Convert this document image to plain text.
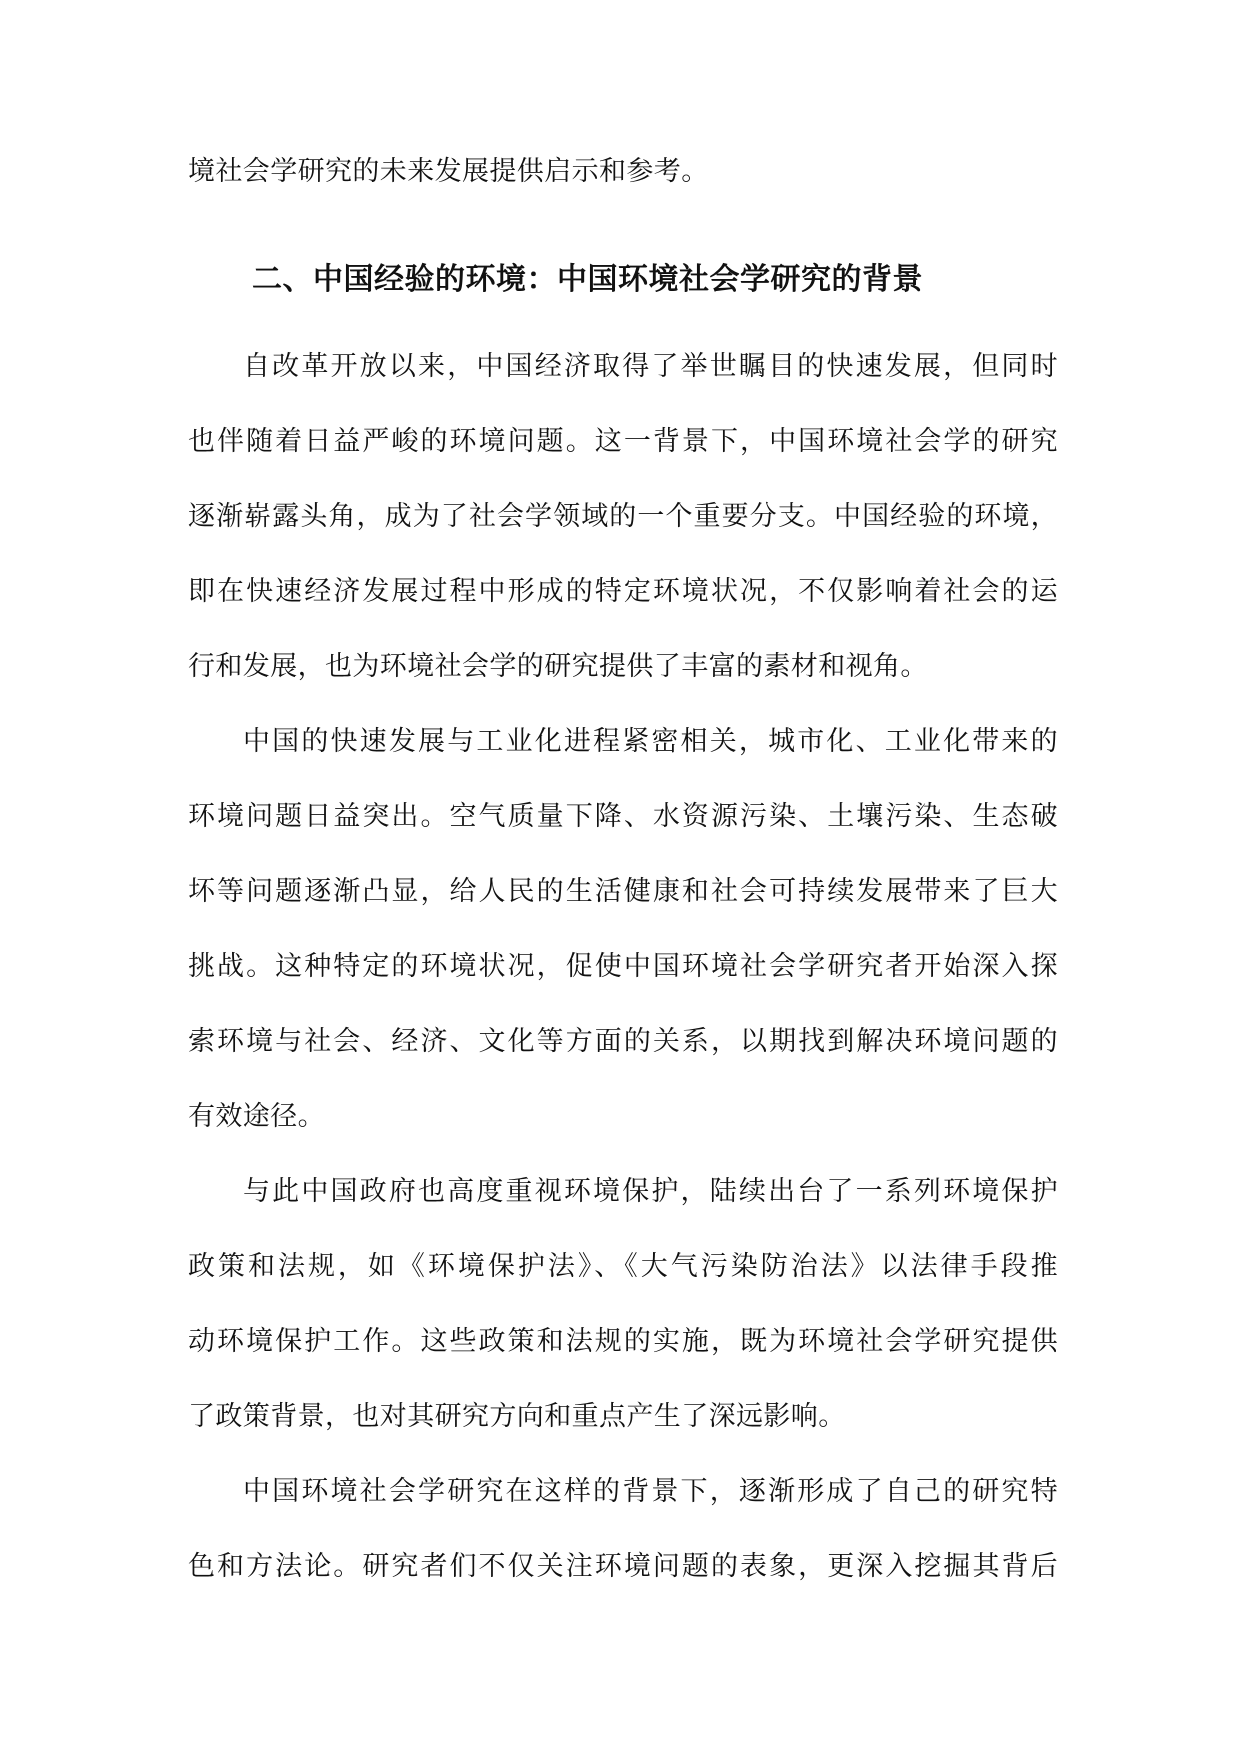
境社会学研究的未来发展提供启示和参考。
二、中国经验的环境：中国环境社会学研究的背景
自改革开放以来，中国经济取得了举世瞩目的快速发展，但同时
也伴随着日益严峻的环境问题。这一背景下，中国环境社会学的研究
逐渐崭露头角，成为了社会学领域的一个重要分支。中国经验的环境，
即在快速经济发展过程中形成的特定环境状况，不仅影响着社会的运
行和发展，也为环境社会学的研究提供了丰富的素材和视角。
中国的快速发展与工业化进程紧密相关，城市化、工业化带来的
环境问题日益突出。空气质量下降、水资源污染、土壤污染、生态破
坏等问题逐渐凸显，给人民的生活健康和社会可持续发展带来了巨大
挑战。这种特定的环境状况，促使中国环境社会学研究者开始深入探
索环境与社会、经济、文化等方面的关系，以期找到解决环境问题的
有效途径。
与此中国政府也高度重视环境保护，陆续出台了一系列环境保护
政策和法规，如《环境保护法》、《大气污染防治法》以法律手段推
动环境保护工作。这些政策和法规的实施，既为环境社会学研究提供
了政策背景，也对其研究方向和重点产生了深远影响。
中国环境社会学研究在这样的背景下，逐渐形成了自己的研究特
色和方法论。研究者们不仅关注环境问题的表象，更深入挖掘其背后
